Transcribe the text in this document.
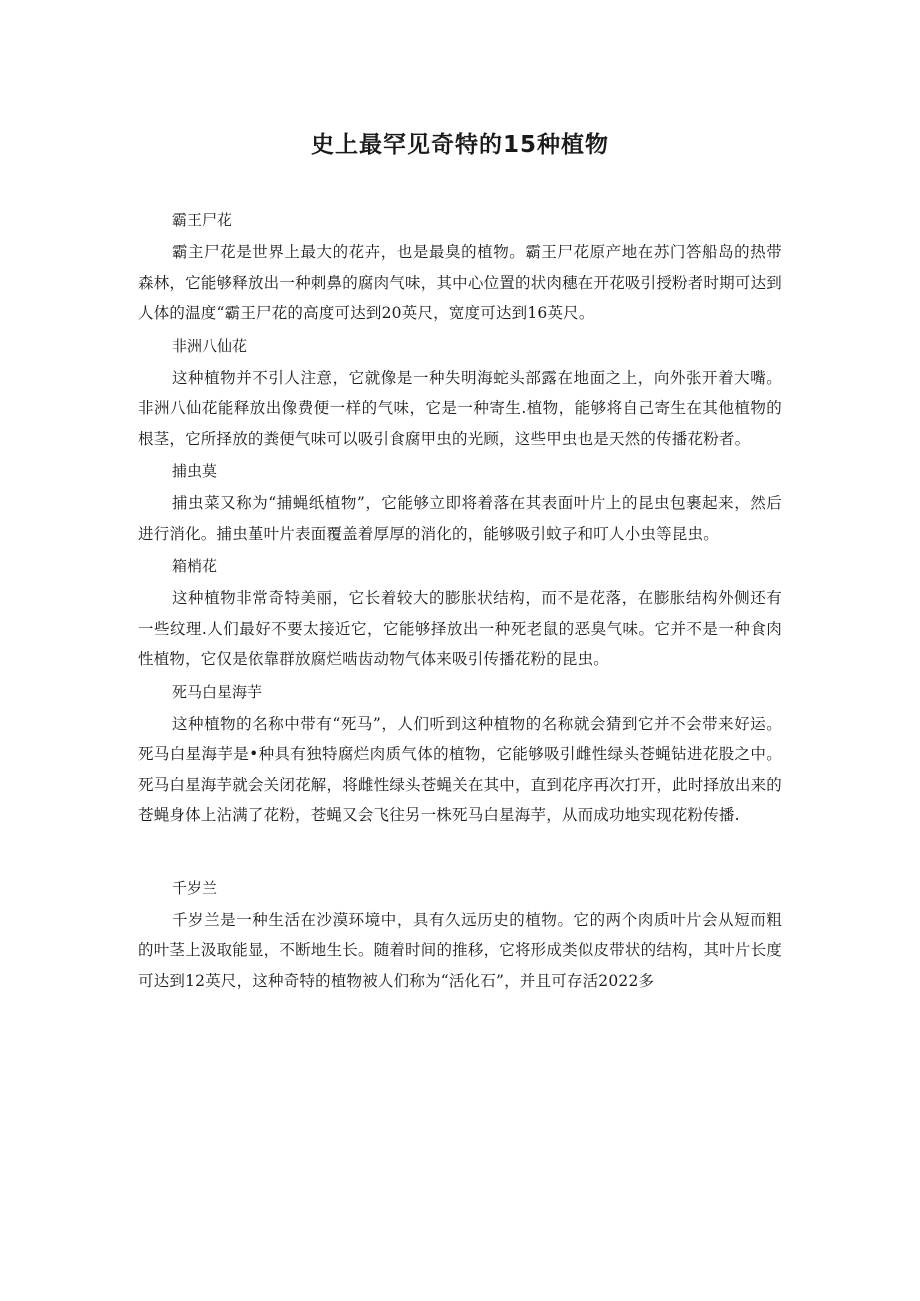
史上最罕见奇特的15种植物
霸王尸花

霸主尸花是世界上最大的花卉，也是最臭的植物。霸王尸花原产地在苏门答船岛的热带森林，它能够释放出一种刺鼻的腐肉气味，其中心位置的状肉穗在开花吸引授粉者时期可达到人体的温度“霸王尸花的高度可达到20英尺，宽度可达到16英尺。

非洲八仙花

这种植物并不引人注意，它就像是一种失明海蛇头部露在地面之上，向外张开着大嘴。非洲八仙花能释放出像费便一样的气味，它是一种寄生.植物，能够将自己寄生在其他植物的根茎，它所择放的粪便气味可以吸引食腐甲虫的光顾，这些甲虫也是天然的传播花粉者。

捕虫莫

捕虫菜又称为“捕蝇纸植物”，它能够立即将着落在其表面叶片上的昆虫包裹起来，然后进行消化。捕虫堇叶片表面覆盖着厚厚的消化的，能够吸引蚊子和叮人小虫等昆虫。

箱梢花

这种植物非常奇特美丽，它长着较大的膨胀状结构，而不是花落，在膨胀结构外侧还有一些纹理.人们最好不要太接近它，它能够择放出一种死老鼠的恶臭气味。它并不是一种食肉性植物，它仅是依靠群放腐烂啮齿动物气体来吸引传播花粉的昆虫。

死马白星海芋

这种植物的名称中带有“死马”，人们听到这种植物的名称就会猜到它并不会带来好运。死马白星海芋是•种具有独特腐烂肉质气体的植物，它能够吸引雌性绿头苍蝇钻进花股之中。死马白星海芋就会关闭花解，将雌性绿头苍蝇关在其中，直到花序再次打开，此时择放出来的苍蝇身体上沾满了花粉，苍蝇又会飞往另一株死马白星海芋，从而成功地实现花粉传播.

千岁兰

千岁兰是一种生活在沙漠环境中，具有久远历史的植物。它的两个肉质叶片会从短而粗的叶茎上汲取能显，不断地生长。随着时间的推移，它将形成类似皮带状的结构，其叶片长度可达到12英尺，这种奇特的植物被人们称为“活化石”，并且可存活2022多
